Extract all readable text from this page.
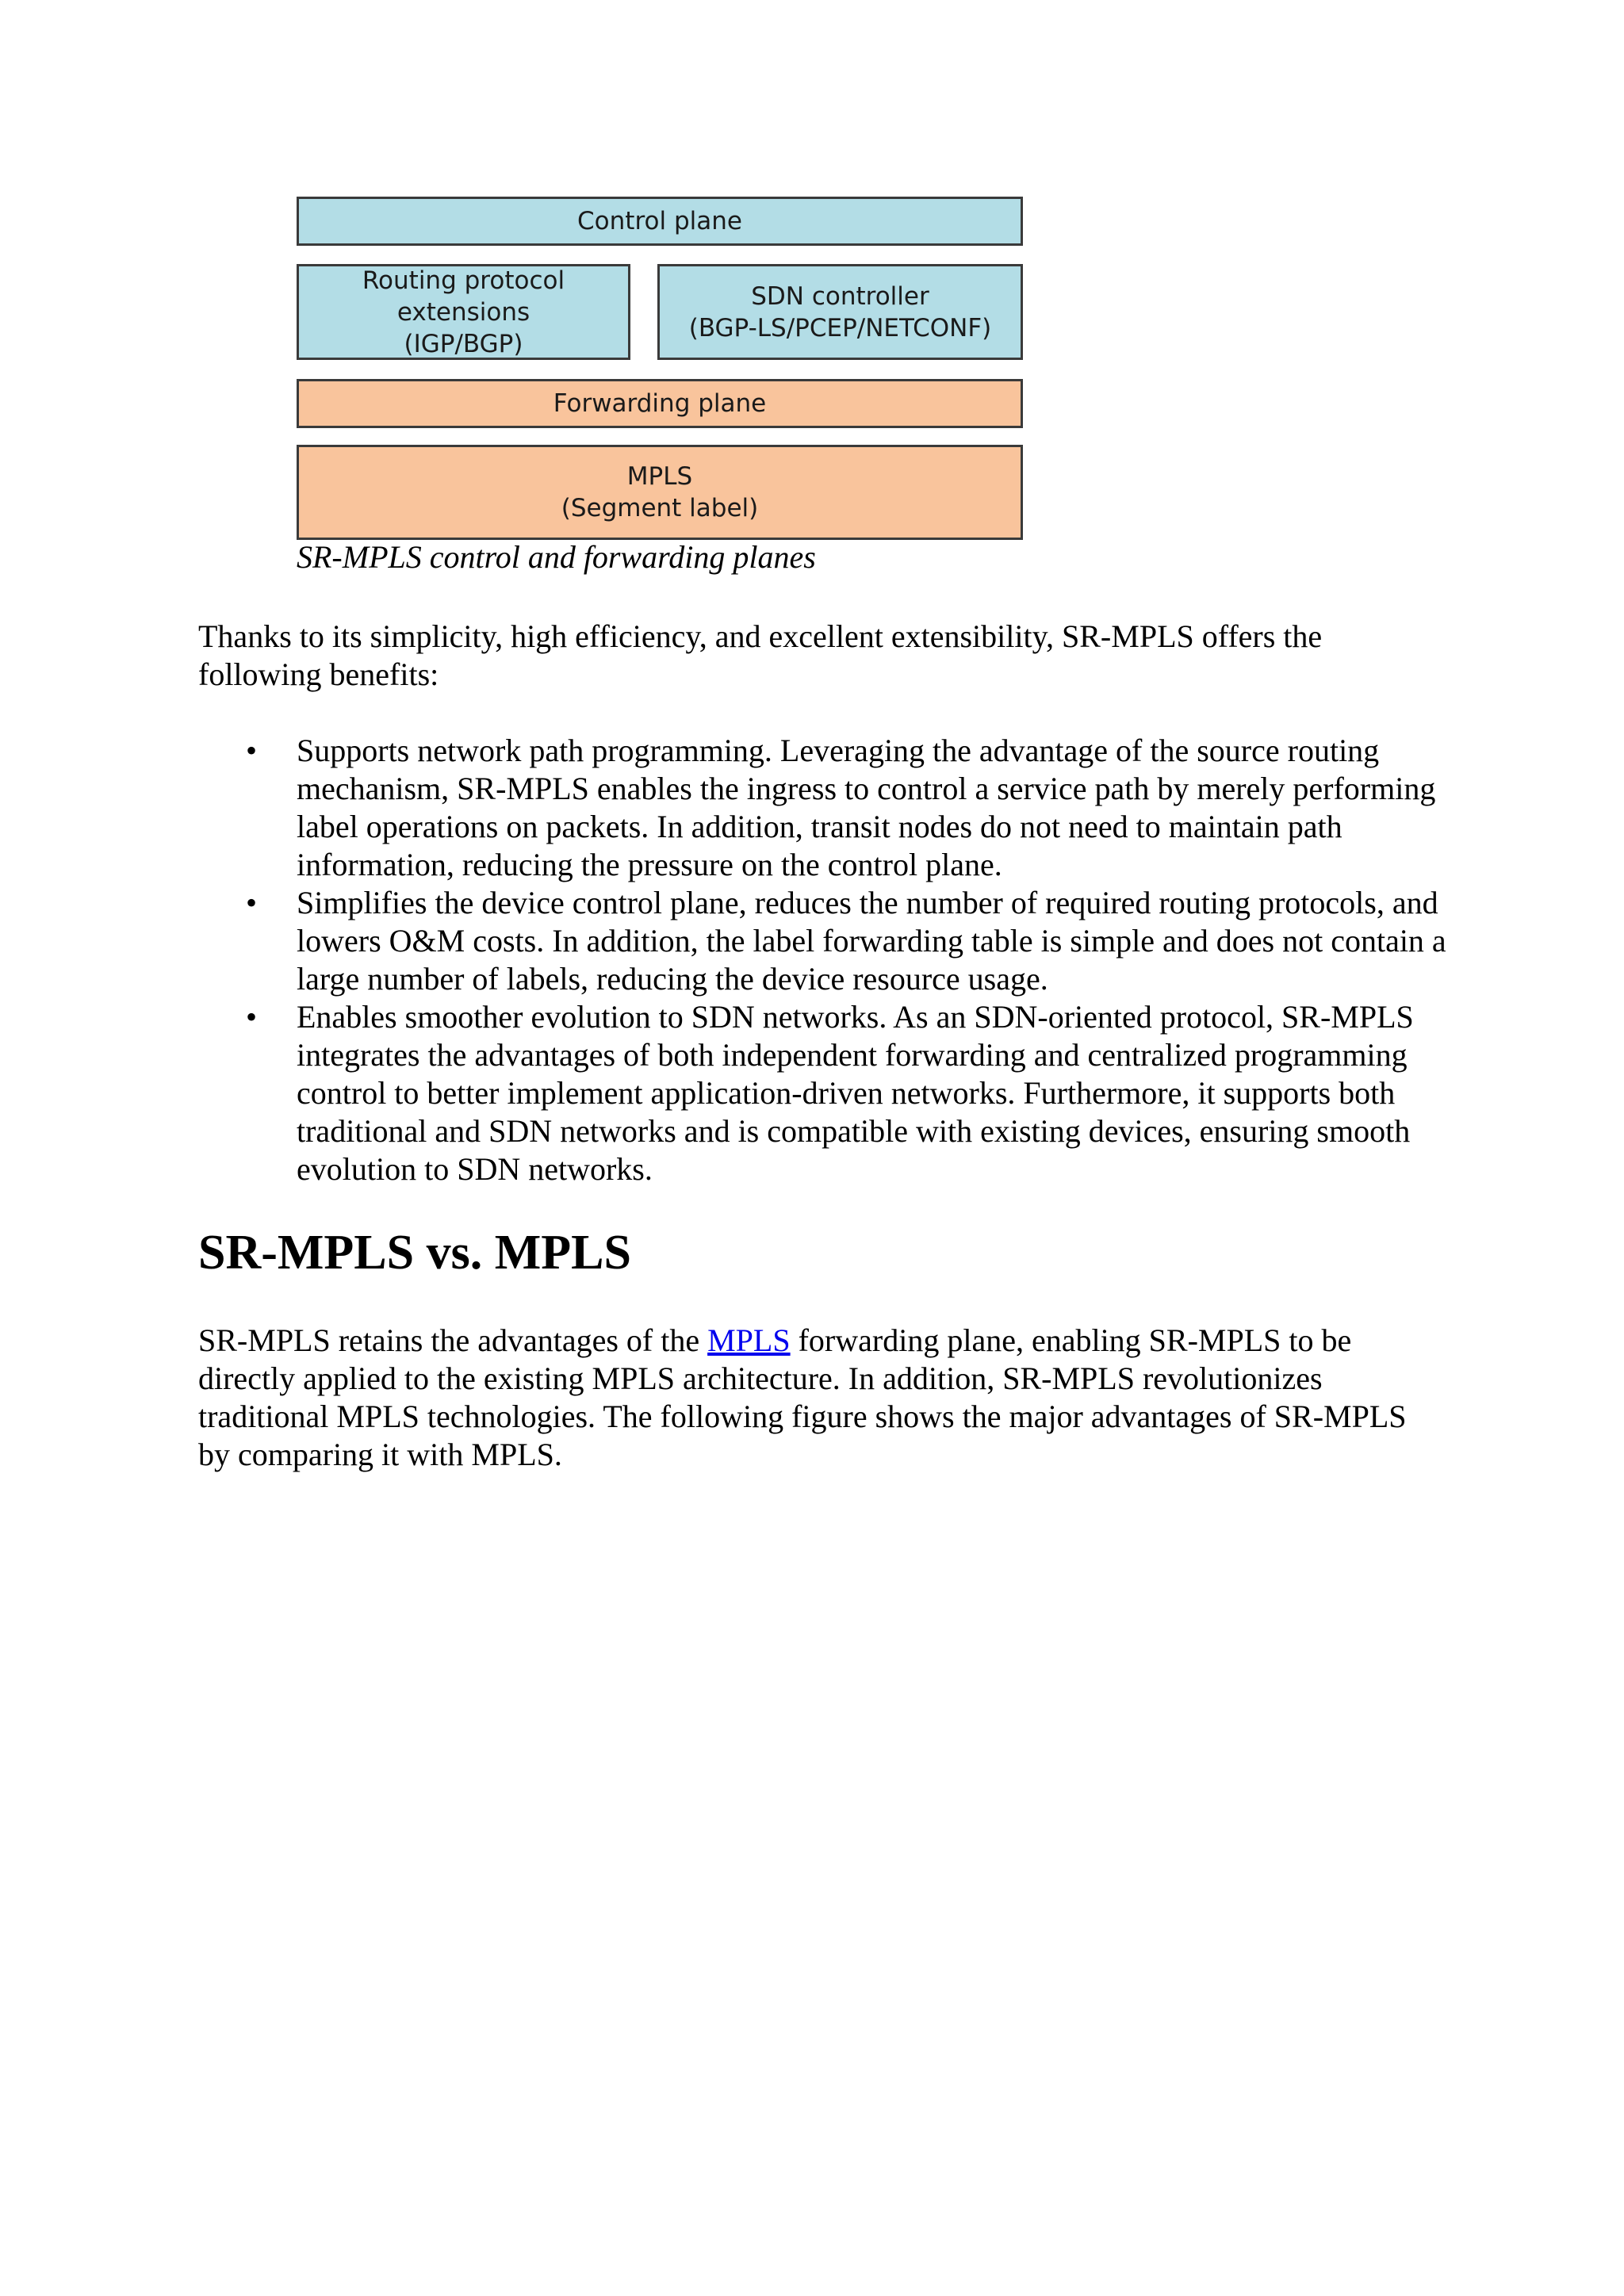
Control plane
Routing protocol
extensions
(IGP/BGP)
SDN controller
(BGP-LS/PCEP/NETCONF)
Forwarding plane
MPLS
(Segment label)
SR-MPLS control and forwarding planes

Thanks to its simplicity, high efficiency, and excellent extensibility, SR-MPLS offers the following benefits:

• Supports network path programming. Leveraging the advantage of the source routing mechanism, SR-MPLS enables the ingress to control a service path by merely performing label operations on packets. In addition, transit nodes do not need to maintain path information, reducing the pressure on the control plane.
• Simplifies the device control plane, reduces the number of required routing protocols, and lowers O&M costs. In addition, the label forwarding table is simple and does not contain a large number of labels, reducing the device resource usage.
• Enables smoother evolution to SDN networks. As an SDN-oriented protocol, SR-MPLS integrates the advantages of both independent forwarding and centralized programming control to better implement application-driven networks. Furthermore, it supports both traditional and SDN networks and is compatible with existing devices, ensuring smooth evolution to SDN networks.
SR-MPLS vs. MPLS

SR-MPLS retains the advantages of the MPLS forwarding plane, enabling SR-MPLS to be directly applied to the existing MPLS architecture. In addition, SR-MPLS revolutionizes traditional MPLS technologies. The following figure shows the major advantages of SR-MPLS by comparing it with MPLS.
